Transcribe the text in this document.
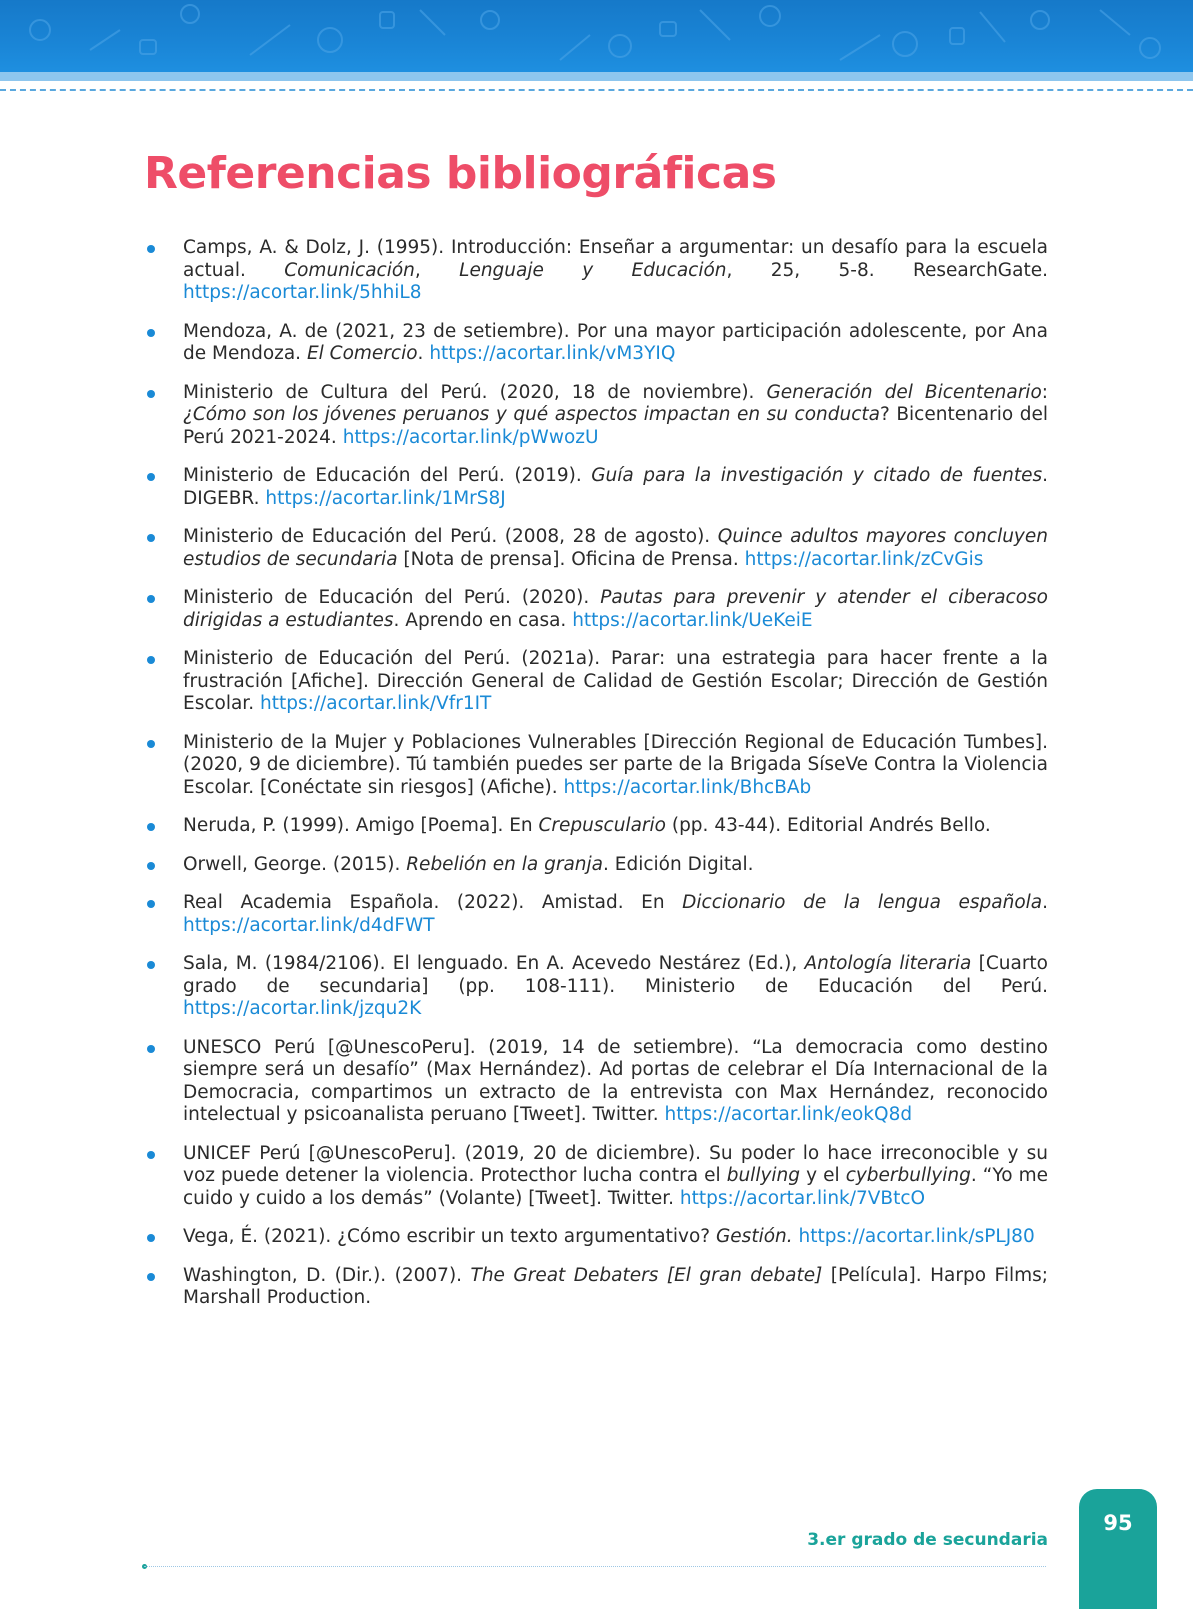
Referencias bibliográficas
Camps, A. & Dolz, J. (1995). Introducción: Enseñar a argumentar: un desafío para la escuela actual. Comunicación, Lenguaje y Educación, 25, 5-8. ResearchGate. https://acortar.link/5hhiL8
Mendoza, A. de (2021, 23 de setiembre). Por una mayor participación adolescente, por Ana de Mendoza. El Comercio. https://acortar.link/vM3YIQ
Ministerio de Cultura del Perú. (2020, 18 de noviembre). Generación del Bicentenario: ¿Cómo son los jóvenes peruanos y qué aspectos impactan en su conducta? Bicentenario del Perú 2021-2024. https://acortar.link/pWwozU
Ministerio de Educación del Perú. (2019). Guía para la investigación y citado de fuentes. DIGEBR. https://acortar.link/1MrS8J
Ministerio de Educación del Perú. (2008, 28 de agosto). Quince adultos mayores concluyen estudios de secundaria [Nota de prensa]. Oficina de Prensa. https://acortar.link/zCvGis
Ministerio de Educación del Perú. (2020). Pautas para prevenir y atender el ciberacoso dirigidas a estudiantes. Aprendo en casa. https://acortar.link/UeKeiE
Ministerio de Educación del Perú. (2021a). Parar: una estrategia para hacer frente a la frustración [Afiche]. Dirección General de Calidad de Gestión Escolar; Dirección de Gestión Escolar. https://acortar.link/Vfr1IT
Ministerio de la Mujer y Poblaciones Vulnerables [Dirección Regional de Educación Tumbes]. (2020, 9 de diciembre). Tú también puedes ser parte de la Brigada SíseVe Contra la Violencia Escolar. [Conéctate sin riesgos] (Afiche). https://acortar.link/BhcBAb
Neruda, P. (1999). Amigo [Poema]. En Crepusculario (pp. 43-44). Editorial Andrés Bello.
Orwell, George. (2015). Rebelión en la granja. Edición Digital.
Real Academia Española. (2022). Amistad. En Diccionario de la lengua española. https://acortar.link/d4dFWT
Sala, M. (1984/2106). El lenguado. En A. Acevedo Nestárez (Ed.), Antología literaria [Cuarto grado de secundaria] (pp. 108-111). Ministerio de Educación del Perú. https://acortar.link/jzqu2K
UNESCO Perú [@UnescoPeru]. (2019, 14 de setiembre). “La democracia como destino siempre será un desafío” (Max Hernández). Ad portas de celebrar el Día Internacional de la Democracia, compartimos un extracto de la entrevista con Max Hernández, reconocido intelectual y psicoanalista peruano [Tweet]. Twitter. https://acortar.link/eokQ8d
UNICEF Perú [@UnescoPeru]. (2019, 20 de diciembre). Su poder lo hace irreconocible y su voz puede detener la violencia. Protecthor lucha contra el bullying y el cyberbullying. “Yo me cuido y cuido a los demás” (Volante) [Tweet]. Twitter. https://acortar.link/7VBtcO
Vega, É. (2021). ¿Cómo escribir un texto argumentativo? Gestión. https://acortar.link/sPLJ80
Washington, D. (Dir.). (2007). The Great Debaters [El gran debate] [Película]. Harpo Films; Marshall Production.
3.er grado de secundaria
95
